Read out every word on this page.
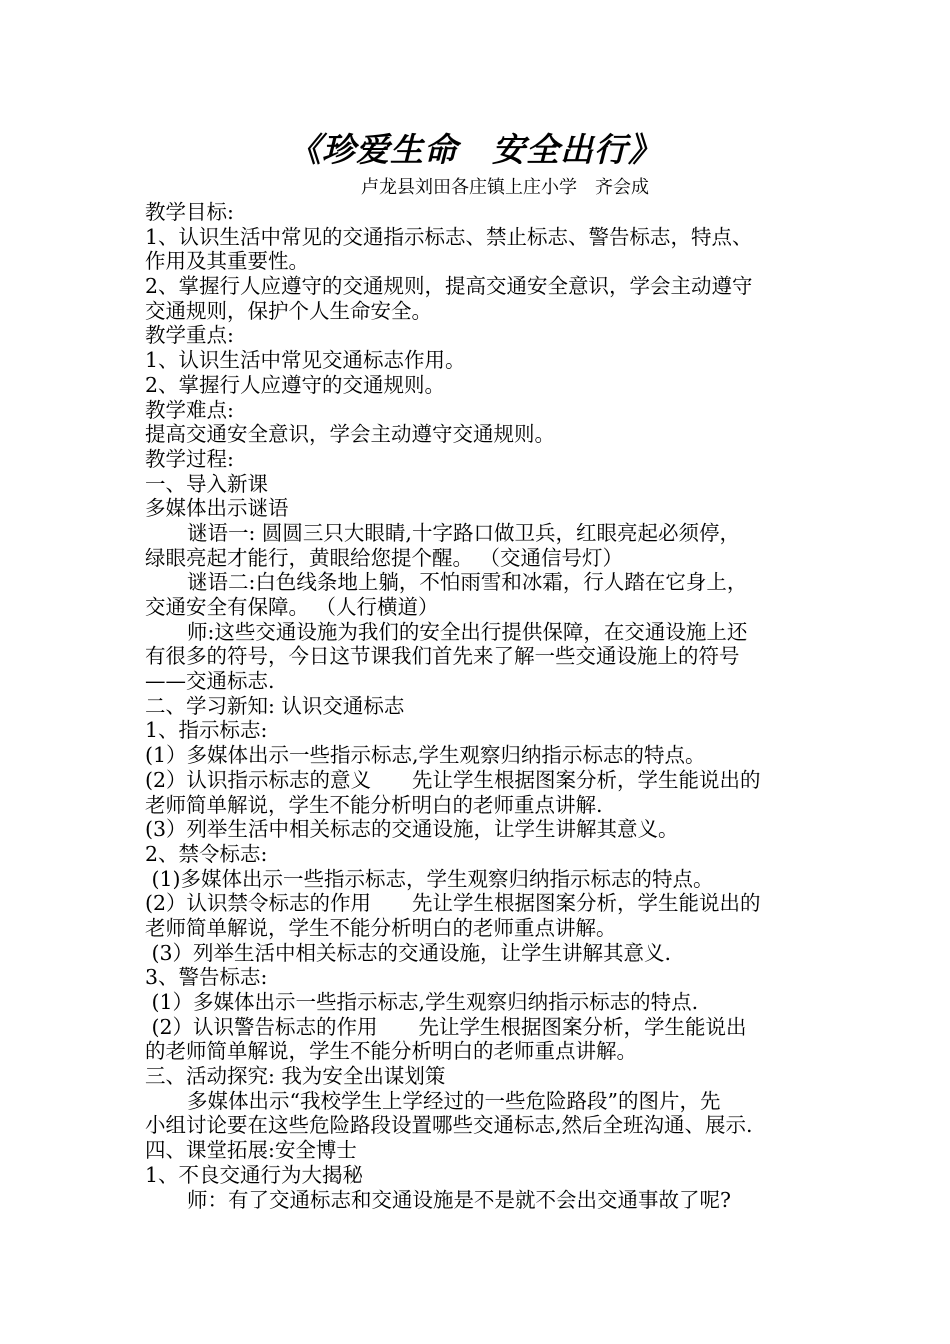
《珍爱生命　安全出行》
卢龙县刘田各庄镇上庄小学　齐会成
教学目标:
1、认识生活中常见的交通指示标志、禁止标志、警告标志，特点、
作用及其重要性。
2、掌握行人应遵守的交通规则，提高交通安全意识，学会主动遵守
交通规则，保护个人生命安全。
教学重点:
1、认识生活中常见交通标志作用。
2、掌握行人应遵守的交通规则。
教学难点:
提高交通安全意识，学会主动遵守交通规则。
教学过程:
一、导入新课
多媒体出示谜语
谜语一: 圆圆三只大眼睛,十字路口做卫兵，红眼亮起必须停，
绿眼亮起才能行，黄眼给您提个醒。 （交通信号灯）
谜语二:白色线条地上躺，不怕雨雪和冰霜，行人踏在它身上，
交通安全有保障。 （人行横道）
师:这些交通设施为我们的安全出行提供保障，在交通设施上还
有很多的符号，今日这节课我们首先来了解一些交通设施上的符号
——交通标志.
二、学习新知: 认识交通标志
1、指示标志:
(1）多媒体出示一些指示标志,学生观察归纳指示标志的特点。
(2）认识指示标志的意义　　先让学生根据图案分析，学生能说出的
老师简单解说，学生不能分析明白的老师重点讲解.
(3）列举生活中相关标志的交通设施，让学生讲解其意义。
2、禁令标志:
(1)多媒体出示一些指示标志，学生观察归纳指示标志的特点。
(2）认识禁令标志的作用　　先让学生根据图案分析，学生能说出的
老师简单解说，学生不能分析明白的老师重点讲解。
(3）列举生活中相关标志的交通设施，让学生讲解其意义.
3、警告标志:
(1）多媒体出示一些指示标志,学生观察归纳指示标志的特点.
(2）认识警告标志的作用　　先让学生根据图案分析，学生能说出
的老师简单解说，学生不能分析明白的老师重点讲解。
三、活动探究: 我为安全出谋划策
多媒体出示“我校学生上学经过的一些危险路段”的图片，先
小组讨论要在这些危险路段设置哪些交通标志,然后全班沟通、展示.
四、课堂拓展:安全博士
1、不良交通行为大揭秘
师：有了交通标志和交通设施是不是就不会出交通事故了呢?
